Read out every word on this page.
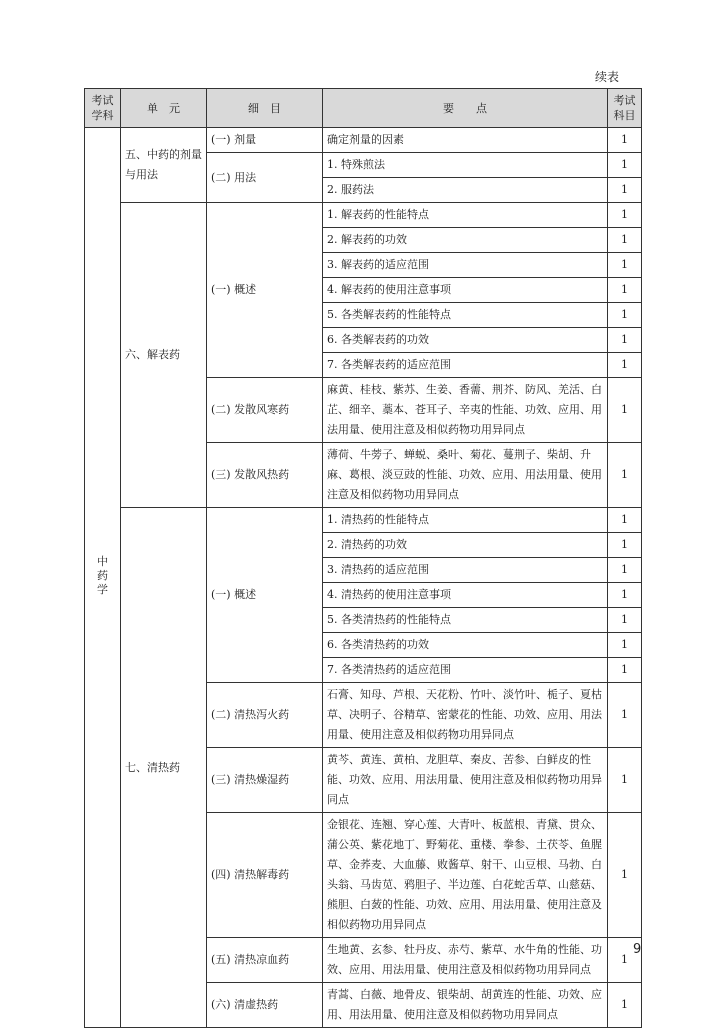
续表
考试学科	单　元	细　目	要　　点	考试科目
中药学	五、中药的剂量与用法	(一) 剂量	确定剂量的因素	1
		(二) 用法	1. 特殊煎法	1
			2. 服药法	1
	六、解表药	(一) 概述	1. 解表药的性能特点	1
			2. 解表药的功效	1
			3. 解表药的适应范围	1
			4. 解表药的使用注意事项	1
			5. 各类解表药的性能特点	1
			6. 各类解表药的功效	1
			7. 各类解表药的适应范围	1
		(二) 发散风寒药	麻黄、桂枝、紫苏、生姜、香薷、荆芥、防风、羌活、白芷、细辛、藁本、苍耳子、辛夷的性能、功效、应用、用法用量、使用注意及相似药物功用异同点	1
		(三) 发散风热药	薄荷、牛蒡子、蝉蜕、桑叶、菊花、蔓荆子、柴胡、升麻、葛根、淡豆豉的性能、功效、应用、用法用量、使用注意及相似药物功用异同点	1
	七、清热药	(一) 概述	1. 清热药的性能特点	1
			2. 清热药的功效	1
			3. 清热药的适应范围	1
			4. 清热药的使用注意事项	1
			5. 各类清热药的性能特点	1
			6. 各类清热药的功效	1
			7. 各类清热药的适应范围	1
		(二) 清热泻火药	石膏、知母、芦根、天花粉、竹叶、淡竹叶、栀子、夏枯草、决明子、谷精草、密蒙花的性能、功效、应用、用法用量、使用注意及相似药物功用异同点	1
		(三) 清热燥湿药	黄芩、黄连、黄柏、龙胆草、秦皮、苦参、白鲜皮的性能、功效、应用、用法用量、使用注意及相似药物功用异同点	1
		(四) 清热解毒药	金银花、连翘、穿心莲、大青叶、板蓝根、青黛、贯众、蒲公英、紫花地丁、野菊花、重楼、拳参、土茯苓、鱼腥草、金荞麦、大血藤、败酱草、射干、山豆根、马勃、白头翁、马齿苋、鸦胆子、半边莲、白花蛇舌草、山慈菇、熊胆、白蔹的性能、功效、应用、用法用量、使用注意及相似药物功用异同点	1
		(五) 清热凉血药	生地黄、玄参、牡丹皮、赤芍、紫草、水牛角的性能、功效、应用、用法用量、使用注意及相似药物功用异同点	1
		(六) 清虚热药	青蒿、白薇、地骨皮、银柴胡、胡黄连的性能、功效、应用、用法用量、使用注意及相似药物功用异同点	1
9
